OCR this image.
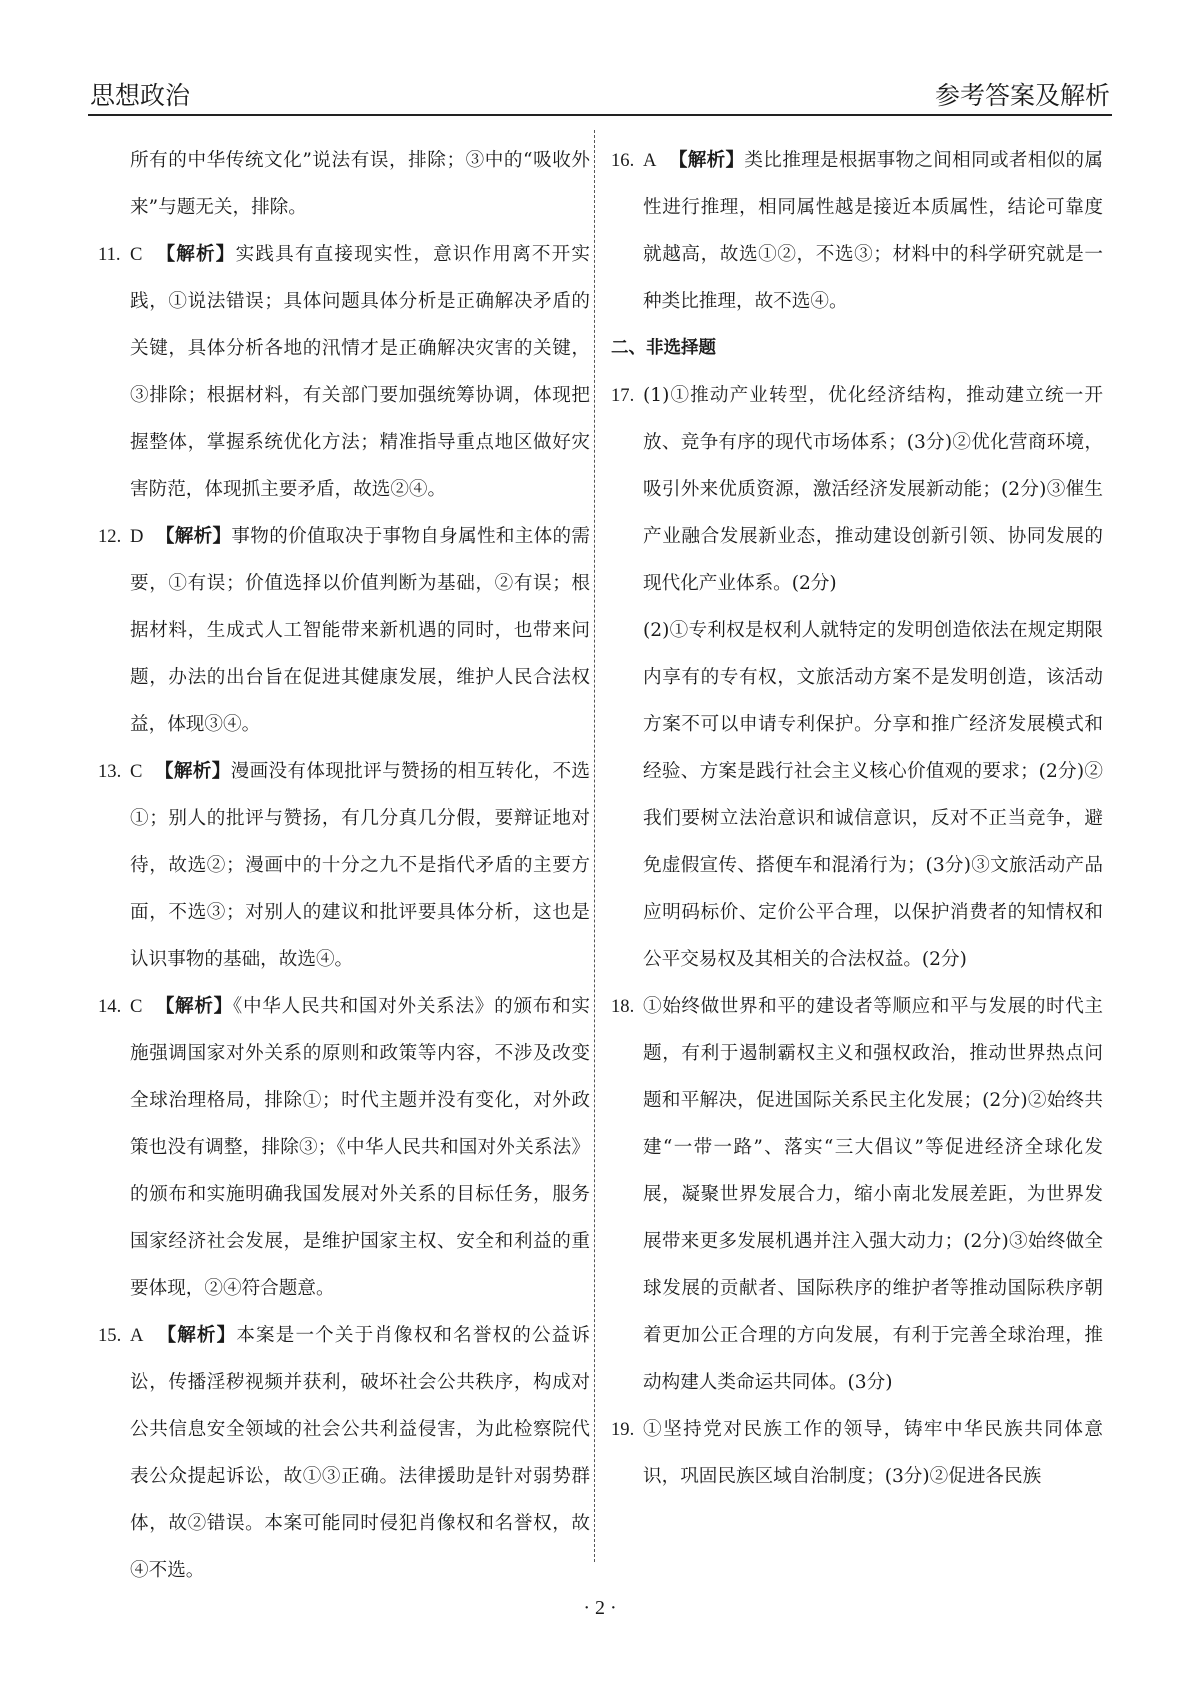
思想政治	参考答案及解析
所有的中华传统文化”说法有误，排除；③中的“吸收外来”与题无关，排除。
11. C 【解析】实践具有直接现实性，意识作用离不开实践，①说法错误；具体问题具体分析是正确解决矛盾的关键，具体分析各地的汛情才是正确解决灾害的关键，③排除；根据材料，有关部门要加强统筹协调，体现把握整体，掌握系统优化方法；精准指导重点地区做好灾害防范，体现抓主要矛盾，故选②④。
12. D 【解析】事物的价值取决于事物自身属性和主体的需要，①有误；价值选择以价值判断为基础，②有误；根据材料，生成式人工智能带来新机遇的同时，也带来问题，办法的出台旨在促进其健康发展，维护人民合法权益，体现③④。
13. C 【解析】漫画没有体现批评与赞扬的相互转化，不选①；别人的批评与赞扬，有几分真几分假，要辩证地对待，故选②；漫画中的十分之九不是指代矛盾的主要方面，不选③；对别人的建议和批评要具体分析，这也是认识事物的基础，故选④。
14. C 【解析】《中华人民共和国对外关系法》的颁布和实施强调国家对外关系的原则和政策等内容，不涉及改变全球治理格局，排除①；时代主题并没有变化，对外政策也没有调整，排除③；《中华人民共和国对外关系法》的颁布和实施明确我国发展对外关系的目标任务，服务国家经济社会发展，是维护国家主权、安全和利益的重要体现，②④符合题意。
15. A 【解析】本案是一个关于肖像权和名誉权的公益诉讼，传播淫秽视频并获利，破坏社会公共秩序，构成对公共信息安全领域的社会公共利益侵害，为此检察院代表公众提起诉讼，故①③正确。法律援助是针对弱势群体，故②错误。本案可能同时侵犯肖像权和名誉权，故④不选。
16. A 【解析】类比推理是根据事物之间相同或者相似的属性进行推理，相同属性越是接近本质属性，结论可靠度就越高，故选①②，不选③；材料中的科学研究就是一种类比推理，故不选④。
二、非选择题
17. (1)①推动产业转型，优化经济结构，推动建立统一开放、竞争有序的现代市场体系；(3分)②优化营商环境，吸引外来优质资源，激活经济发展新动能；(2分)③催生产业融合发展新业态，推动建设创新引领、协同发展的现代化产业体系。(2分)
(2)①专利权是权利人就特定的发明创造依法在规定期限内享有的专有权，文旅活动方案不是发明创造，该活动方案不可以申请专利保护。分享和推广经济发展模式和经验、方案是践行社会主义核心价值观的要求；(2分)②我们要树立法治意识和诚信意识，反对不正当竞争，避免虚假宣传、搭便车和混淆行为；(3分)③文旅活动产品应明码标价、定价公平合理，以保护消费者的知情权和公平交易权及其相关的合法权益。(2分)
18. ①始终做世界和平的建设者等顺应和平与发展的时代主题，有利于遏制霸权主义和强权政治，推动世界热点问题和平解决，促进国际关系民主化发展；(2分)②始终共建“一带一路”、落实“三大倡议”等促进经济全球化发展，凝聚世界发展合力，缩小南北发展差距，为世界发展带来更多发展机遇并注入强大动力；(2分)③始终做全球发展的贡献者、国际秩序的维护者等推动国际秩序朝着更加公正合理的方向发展，有利于完善全球治理，推动构建人类命运共同体。(3分)
19. ①坚持党对民族工作的领导，铸牢中华民族共同体意识，巩固民族区域自治制度；(3分)②促进各民族
· 2 ·
